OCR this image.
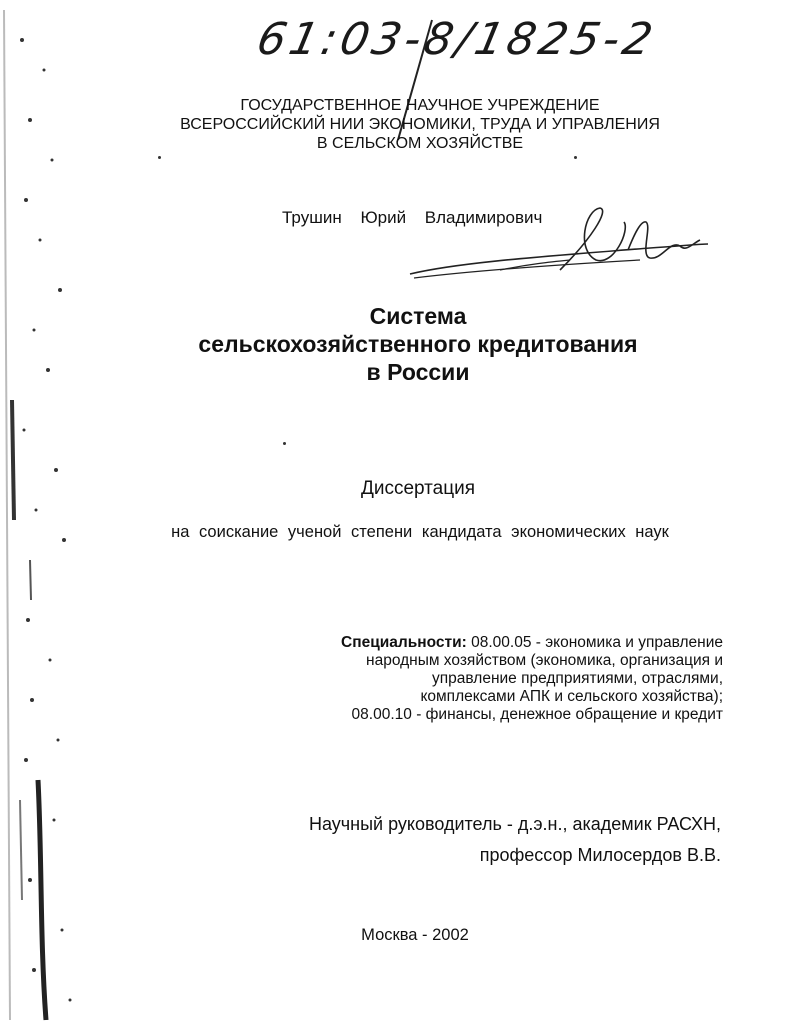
61:03-8/1825-2
ГОСУДАРСТВЕННОЕ НАУЧНОЕ УЧРЕЖДЕНИЕ
ВСЕРОССИЙСКИЙ НИИ ЭКОНОМИКИ, ТРУДА И УПРАВЛЕНИЯ
В СЕЛЬСКОМ ХОЗЯЙСТВЕ
Трушин Юрий Владимирович
Система
сельскохозяйственного кредитования
в России
Диссертация
на соискание ученой степени кандидата экономических наук
Специальности: 08.00.05 - экономика и управление
народным хозяйством (экономика, организация и
управление предприятиями, отраслями,
комплексами АПК и сельского хозяйства);
08.00.10 - финансы, денежное обращение и кредит
Научный руководитель - д.э.н., академик РАСХН,
профессор Милосердов В.В.
Москва - 2002
